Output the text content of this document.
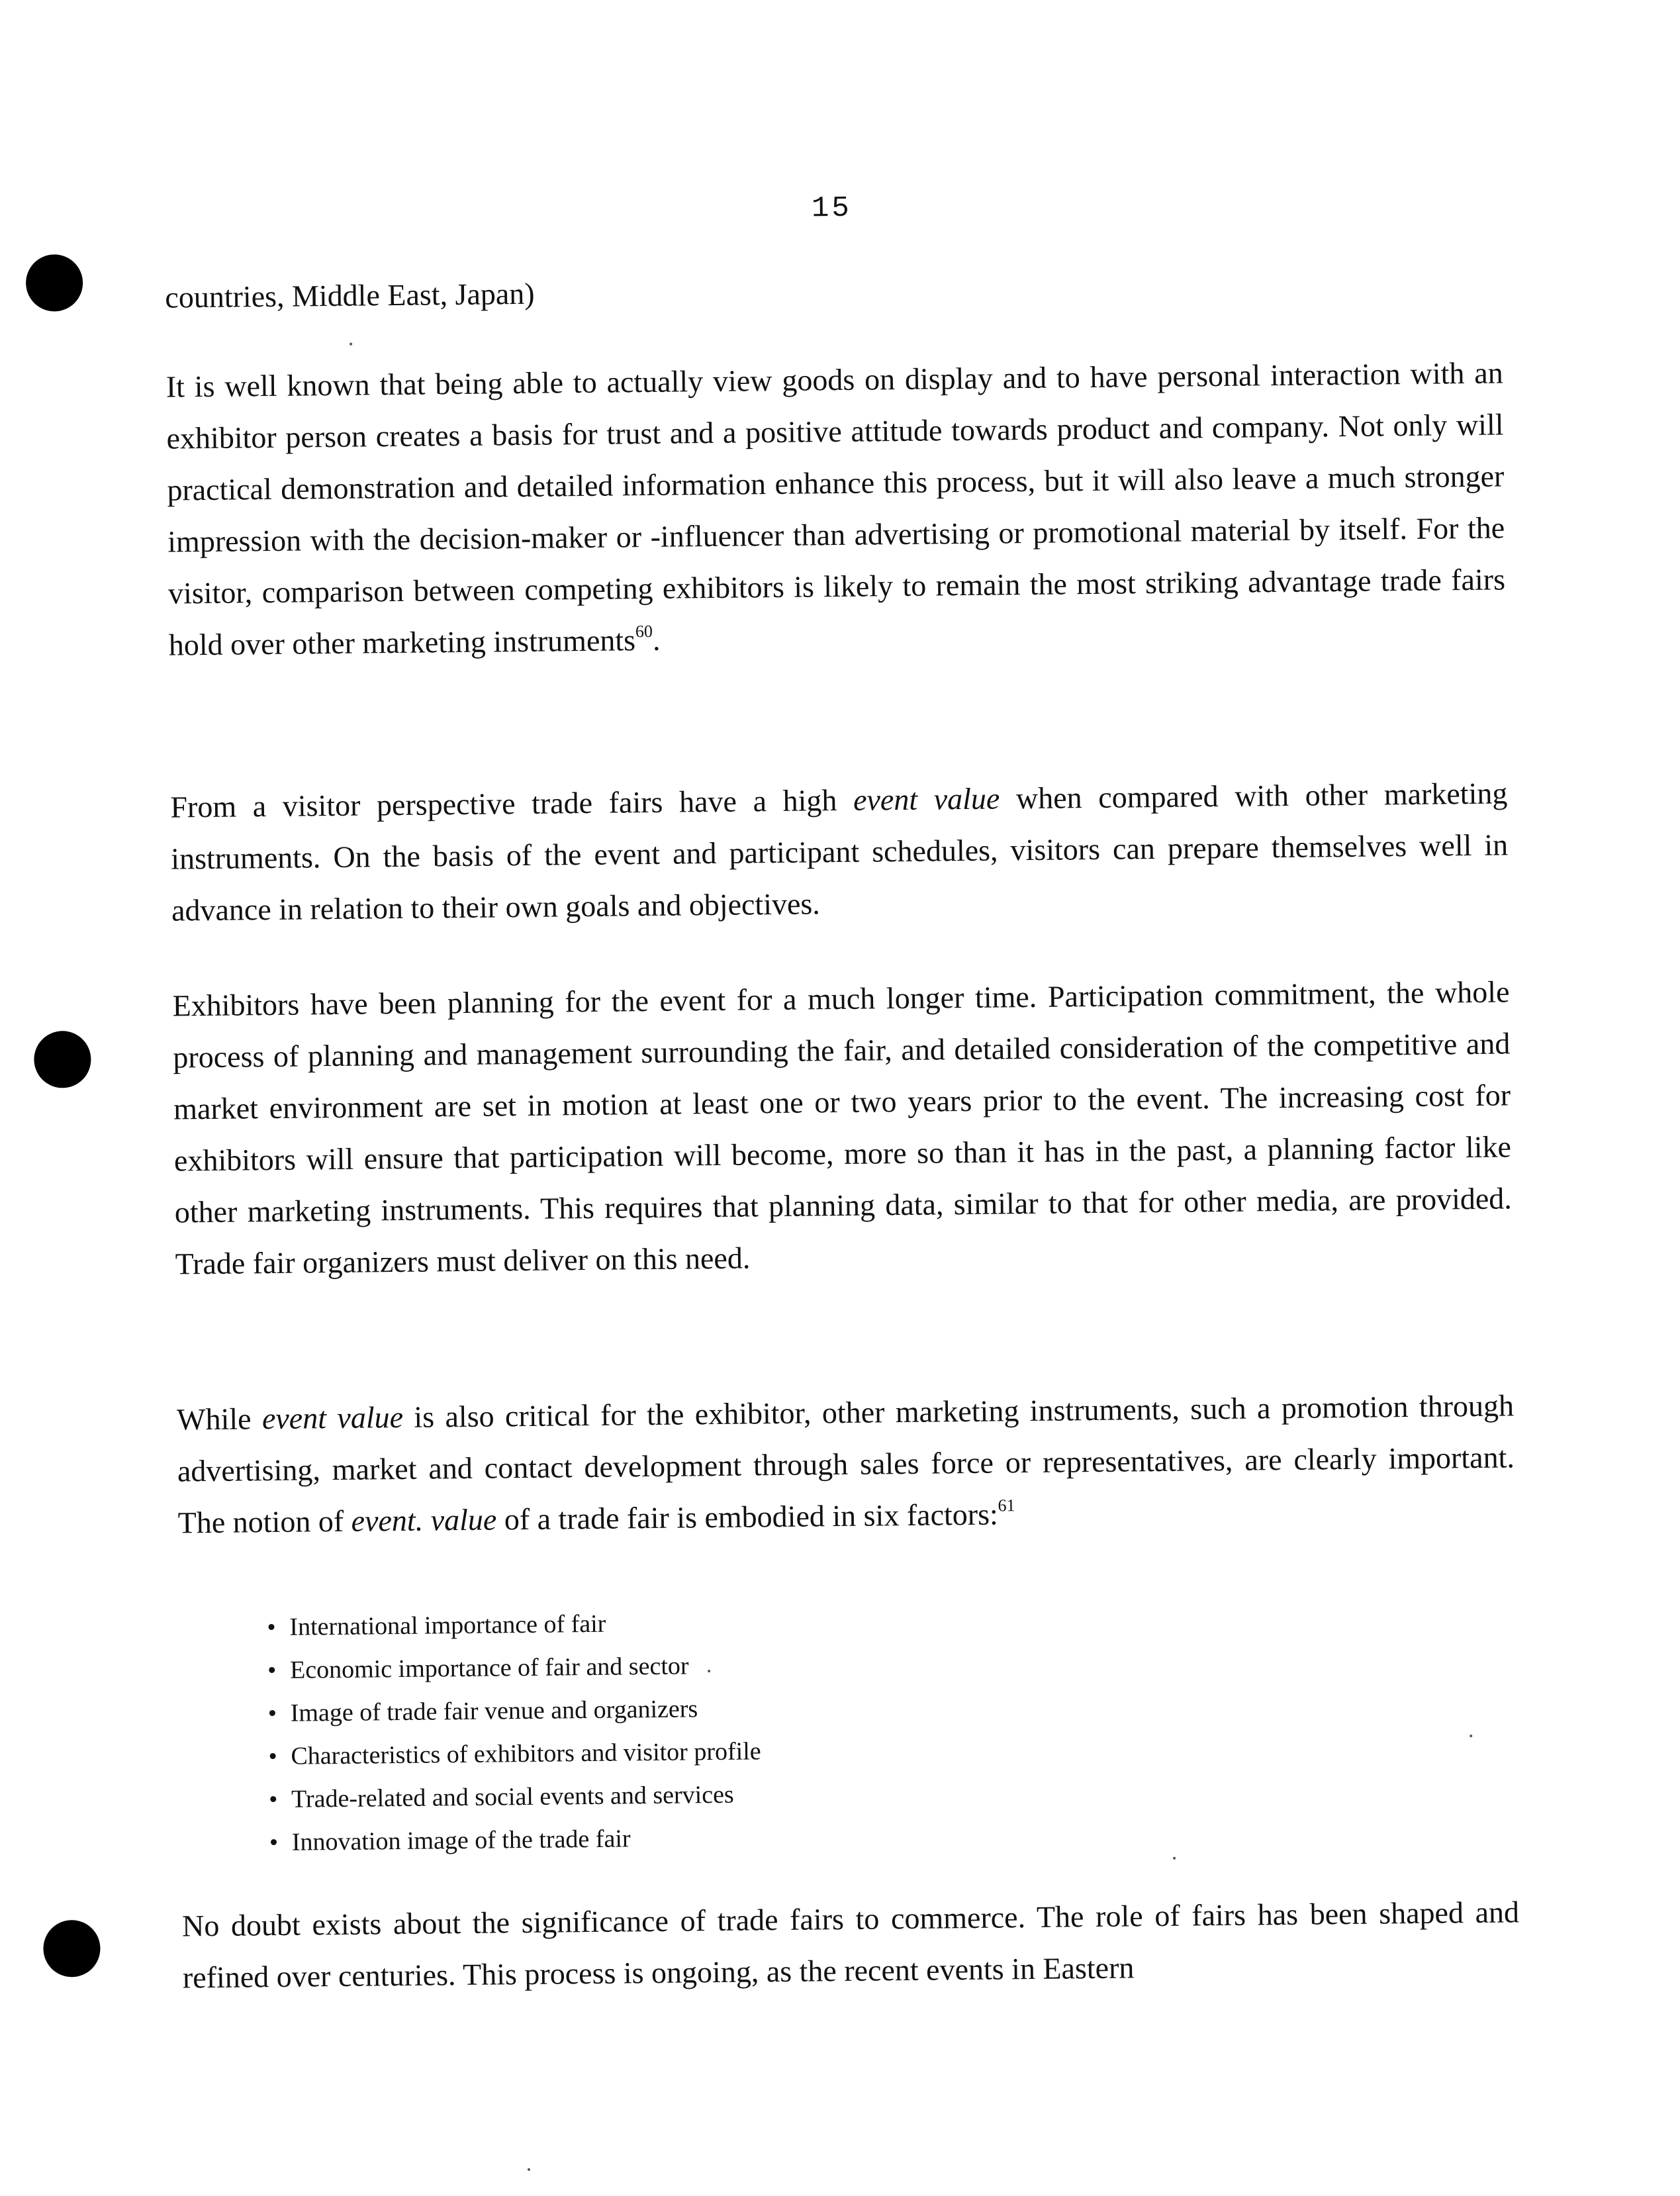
15

countries, Middle East, Japan)

It is well known that being able to actually view goods on display and to have personal interaction with an exhibitor person creates a basis for trust and a positive attitude towards product and company. Not only will practical demonstration and detailed information enhance this process, but it will also leave a much stronger impression with the decision-maker or -influencer than advertising or promotional material by itself. For the visitor, comparison between competing exhibitors is likely to remain the most striking advantage trade fairs hold over other marketing instruments$^{60}$.

From a visitor perspective trade fairs have a high event value when compared with other marketing instruments. On the basis of the event and participant schedules, visitors can prepare themselves well in advance in relation to their own goals and objectives.

Exhibitors have been planning for the event for a much longer time. Participation commitment, the whole process of planning and management surrounding the fair, and detailed consideration of the competitive and market environment are set in motion at least one or two years prior to the event. The increasing cost for exhibitors will ensure that participation will become, more so than it has in the past, a planning factor like other marketing instruments. This requires that planning data, similar to that for other media, are provided. Trade fair organizers must deliver on this need.

While event value is also critical for the exhibitor, other marketing instruments, such a promotion through advertising, market and contact development through sales force or representatives, are clearly important. The notion of event. value of a trade fair is embodied in six factors:$^{61}$

• International importance of fair
• Economic importance of fair and sector
• Image of trade fair venue and organizers
• Characteristics of exhibitors and visitor profile
• Trade-related and social events and services
• Innovation image of the trade fair

No doubt exists about the significance of trade fairs to commerce. The role of fairs has been shaped and refined over centuries. This process is ongoing, as the recent events in Eastern
